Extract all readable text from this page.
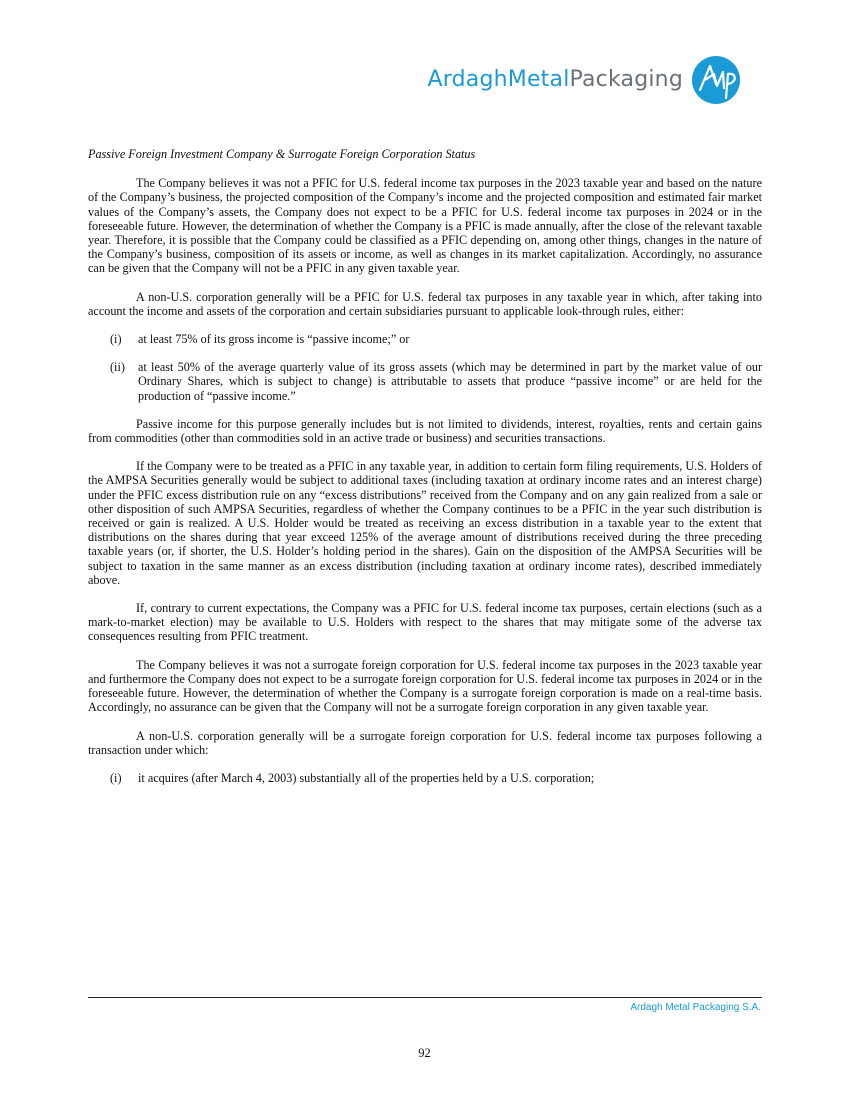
ArdaghMetalPackaging

Passive Foreign Investment Company & Surrogate Foreign Corporation Status

The Company believes it was not a PFIC for U.S. federal income tax purposes in the 2023 taxable year and based on the nature of the Company’s business, the projected composition of the Company’s income and the projected composition and estimated fair market values of the Company’s assets, the Company does not expect to be a PFIC for U.S. federal income tax purposes in 2024 or in the foreseeable future. However, the determination of whether the Company is a PFIC is made annually, after the close of the relevant taxable year. Therefore, it is possible that the Company could be classified as a PFIC depending on, among other things, changes in the nature of the Company’s business, composition of its assets or income, as well as changes in its market capitalization. Accordingly, no assurance can be given that the Company will not be a PFIC in any given taxable year.

A non-U.S. corporation generally will be a PFIC for U.S. federal tax purposes in any taxable year in which, after taking into account the income and assets of the corporation and certain subsidiaries pursuant to applicable look-through rules, either:

(i)	at least 75% of its gross income is “passive income;” or
(ii)	at least 50% of the average quarterly value of its gross assets (which may be determined in part by the market value of our Ordinary Shares, which is subject to change) is attributable to assets that produce “passive income” or are held for the production of “passive income.”

Passive income for this purpose generally includes but is not limited to dividends, interest, royalties, rents and certain gains from commodities (other than commodities sold in an active trade or business) and securities transactions.

If the Company were to be treated as a PFIC in any taxable year, in addition to certain form filing requirements, U.S. Holders of the AMPSA Securities generally would be subject to additional taxes (including taxation at ordinary income rates and an interest charge) under the PFIC excess distribution rule on any “excess distributions” received from the Company and on any gain realized from a sale or other disposition of such AMPSA Securities, regardless of whether the Company continues to be a PFIC in the year such distribution is received or gain is realized. A U.S. Holder would be treated as receiving an excess distribution in a taxable year to the extent that distributions on the shares during that year exceed 125% of the average amount of distributions received during the three preceding taxable years (or, if shorter, the U.S. Holder’s holding period in the shares). Gain on the disposition of the AMPSA Securities will be subject to taxation in the same manner as an excess distribution (including taxation at ordinary income rates), described immediately above.

If, contrary to current expectations, the Company was a PFIC for U.S. federal income tax purposes, certain elections (such as a mark-to-market election) may be available to U.S. Holders with respect to the shares that may mitigate some of the adverse tax consequences resulting from PFIC treatment.

The Company believes it was not a surrogate foreign corporation for U.S. federal income tax purposes in the 2023 taxable year and furthermore the Company does not expect to be a surrogate foreign corporation for U.S. federal income tax purposes in 2024 or in the foreseeable future. However, the determination of whether the Company is a surrogate foreign corporation is made on a real-time basis. Accordingly, no assurance can be given that the Company will not be a surrogate foreign corporation in any given taxable year.

A non-U.S. corporation generally will be a surrogate foreign corporation for U.S. federal income tax purposes following a transaction under which:

(i)	it acquires (after March 4, 2003) substantially all of the properties held by a U.S. corporation;
Ardagh Metal Packaging S.A.
92
